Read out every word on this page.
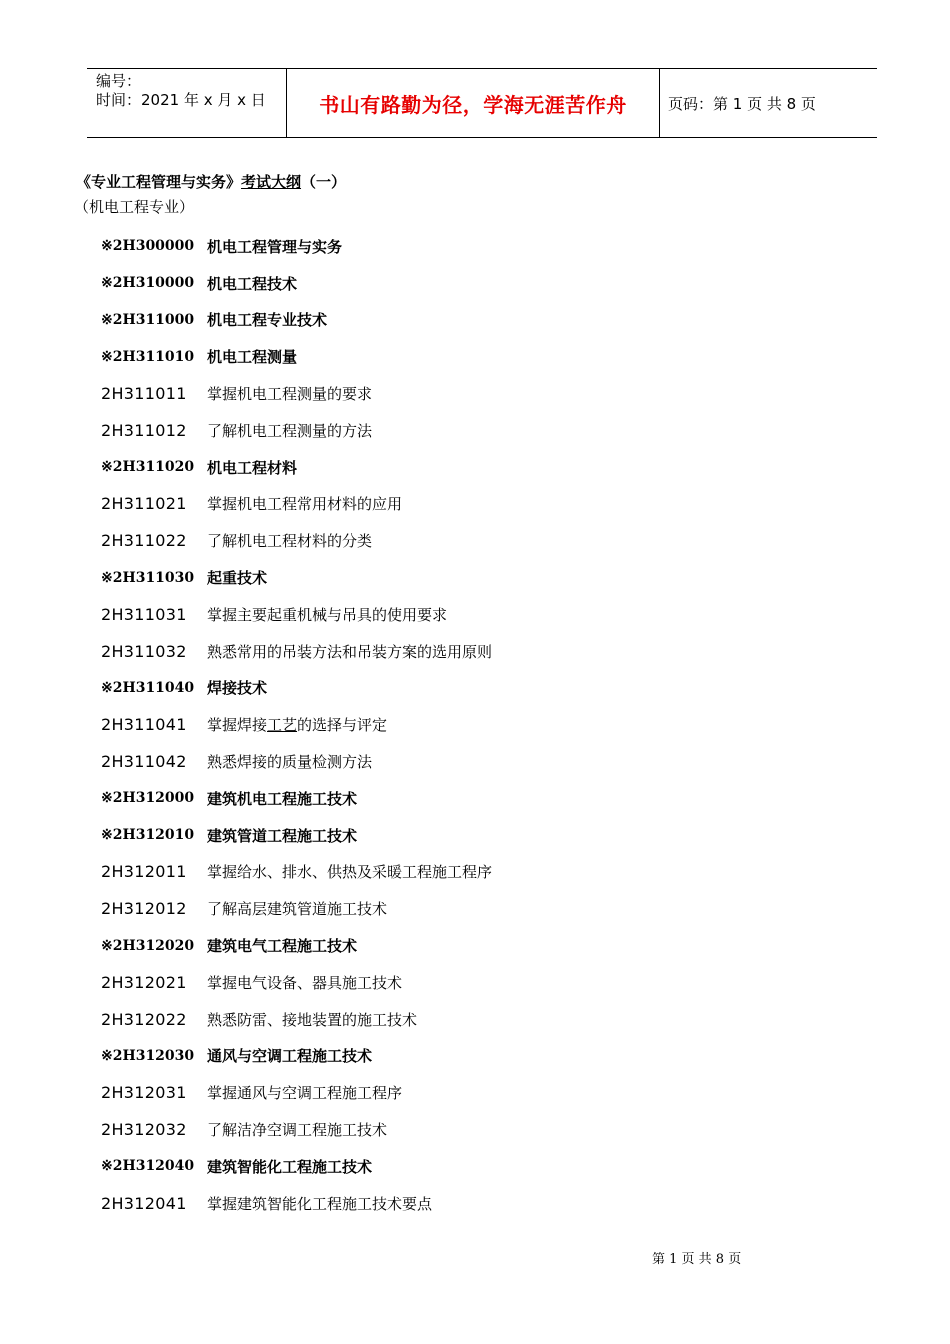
编号：
时间：2021 年 x 月 x 日	书山有路勤为径，学海无涯苦作舟	页码：第 1 页 共 8 页
《专业工程管理与实务》考试大纲（一）
（机电工程专业）
※2H300000 机电工程管理与实务
※2H310000 机电工程技术
※2H311000 机电工程专业技术
※2H311010 机电工程测量
2H311011	掌握机电工程测量的要求
2H311012	了解机电工程测量的方法
※2H311020 机电工程材料
2H311021	掌握机电工程常用材料的应用
2H311022	了解机电工程材料的分类
※2H311030 起重技术
2H311031	掌握主要起重机械与吊具的使用要求
2H311032	熟悉常用的吊装方法和吊装方案的选用原则
※2H311040 焊接技术
2H311041	掌握焊接工艺的选择与评定
2H311042	熟悉焊接的质量检测方法
※2H312000 建筑机电工程施工技术
※2H312010 建筑管道工程施工技术
2H312011	掌握给水、排水、供热及采暖工程施工程序
2H312012	了解高层建筑管道施工技术
※2H312020 建筑电气工程施工技术
2H312021	掌握电气设备、器具施工技术
2H312022	熟悉防雷、接地装置的施工技术
※2H312030 通风与空调工程施工技术
2H312031	掌握通风与空调工程施工程序
2H312032	了解洁净空调工程施工技术
※2H312040 建筑智能化工程施工技术
2H312041	掌握建筑智能化工程施工技术要点
第 1 页 共 8 页
